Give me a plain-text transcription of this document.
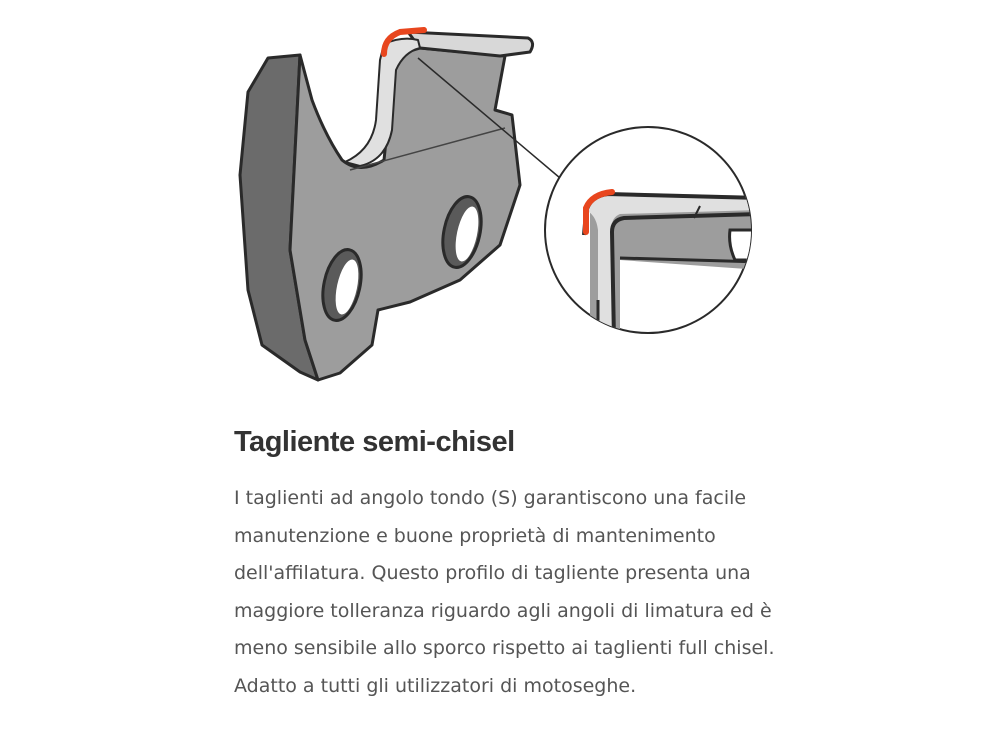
Tagliente semi-chisel

I taglienti ad angolo tondo (S) garantiscono una facile manutenzione e buone proprietà di mantenimento dell'affilatura. Questo profilo di tagliente presenta una maggiore tolleranza riguardo agli angoli di limatura ed è meno sensibile allo sporco rispetto ai taglienti full chisel. Adatto a tutti gli utilizzatori di motoseghe.
